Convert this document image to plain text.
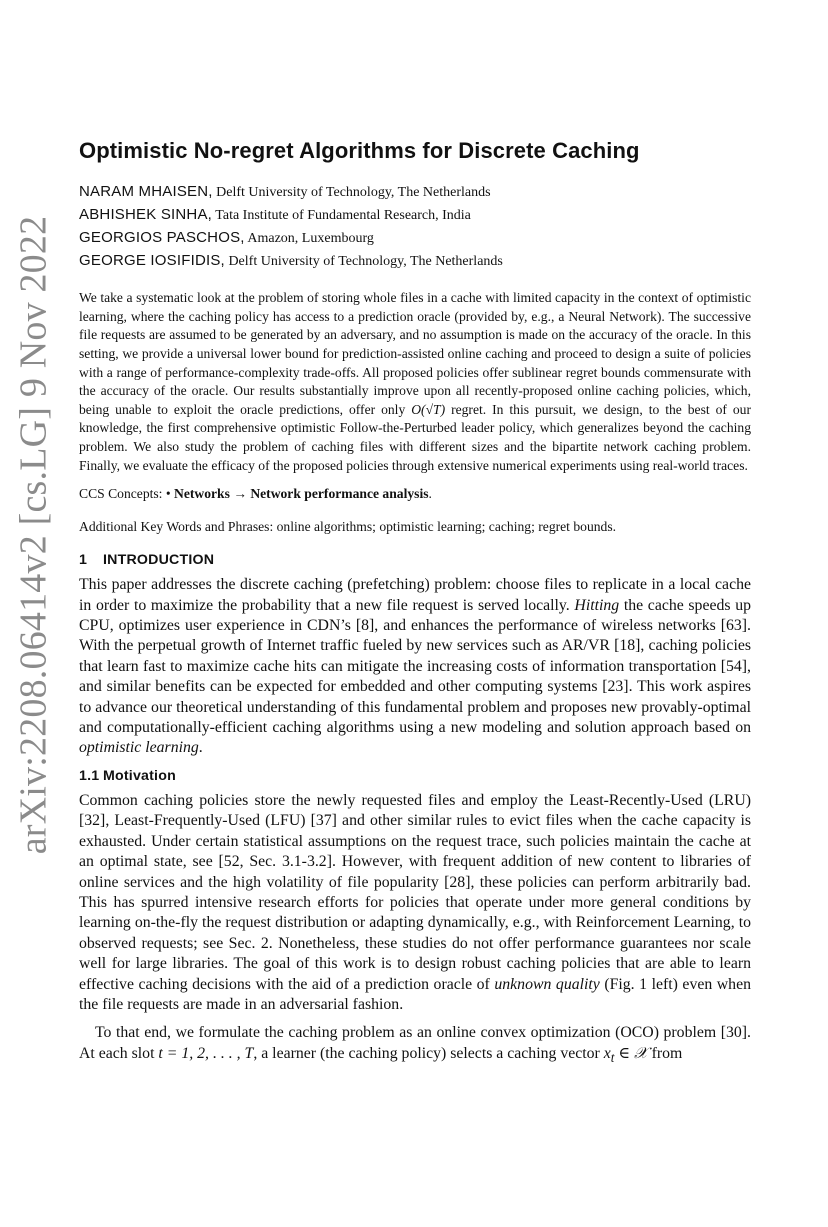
arXiv:2208.06414v2 [cs.LG] 9 Nov 2022
Optimistic No-regret Algorithms for Discrete Caching
NARAM MHAISEN, Delft University of Technology, The Netherlands
ABHISHEK SINHA, Tata Institute of Fundamental Research, India
GEORGIOS PASCHOS, Amazon, Luxembourg
GEORGE IOSIFIDIS, Delft University of Technology, The Netherlands

We take a systematic look at the problem of storing whole files in a cache with limited capacity in the context of optimistic learning, where the caching policy has access to a prediction oracle (provided by, e.g., a Neural Network). The successive file requests are assumed to be generated by an adversary, and no assumption is made on the accuracy of the oracle. In this setting, we provide a universal lower bound for prediction-assisted online caching and proceed to design a suite of policies with a range of performance-complexity trade-offs. All proposed policies offer sublinear regret bounds commensurate with the accuracy of the oracle. Our results substantially improve upon all recently-proposed online caching policies, which, being unable to exploit the oracle predictions, offer only O(√T) regret. In this pursuit, we design, to the best of our knowledge, the first comprehensive optimistic Follow-the-Perturbed leader policy, which generalizes beyond the caching problem. We also study the problem of caching files with different sizes and the bipartite network caching problem. Finally, we evaluate the efficacy of the proposed policies through extensive numerical experiments using real-world traces.

CCS Concepts: • Networks → Network performance analysis.

Additional Key Words and Phrases: online algorithms; optimistic learning; caching; regret bounds.

1 INTRODUCTION

This paper addresses the discrete caching (prefetching) problem: choose files to replicate in a local cache in order to maximize the probability that a new file request is served locally. Hitting the cache speeds up CPU, optimizes user experience in CDN’s [8], and enhances the performance of wireless networks [63]. With the perpetual growth of Internet traffic fueled by new services such as AR/VR [18], caching policies that learn fast to maximize cache hits can mitigate the increasing costs of information transportation [54], and similar benefits can be expected for embedded and other computing systems [23]. This work aspires to advance our theoretical understanding of this fundamental problem and proposes new provably-optimal and computationally-efficient caching algorithms using a new modeling and solution approach based on optimistic learning.

1.1 Motivation

Common caching policies store the newly requested files and employ the Least-Recently-Used (LRU) [32], Least-Frequently-Used (LFU) [37] and other similar rules to evict files when the cache capacity is exhausted. Under certain statistical assumptions on the request trace, such policies maintain the cache at an optimal state, see [52, Sec. 3.1-3.2]. However, with frequent addition of new content to libraries of online services and the high volatility of file popularity [28], these policies can perform arbitrarily bad. This has spurred intensive research efforts for policies that operate under more general conditions by learning on-the-fly the request distribution or adapting dynamically, e.g., with Reinforcement Learning, to observed requests; see Sec. 2. Nonetheless, these studies do not offer performance guarantees nor scale well for large libraries. The goal of this work is to design robust caching policies that are able to learn effective caching decisions with the aid of a prediction oracle of unknown quality (Fig. 1 left) even when the file requests are made in an adversarial fashion.

To that end, we formulate the caching problem as an online convex optimization (OCO) problem [30]. At each slot t = 1, 2, . . . , T, a learner (the caching policy) selects a caching vector $x_t$ ∈ 𝒳 from
